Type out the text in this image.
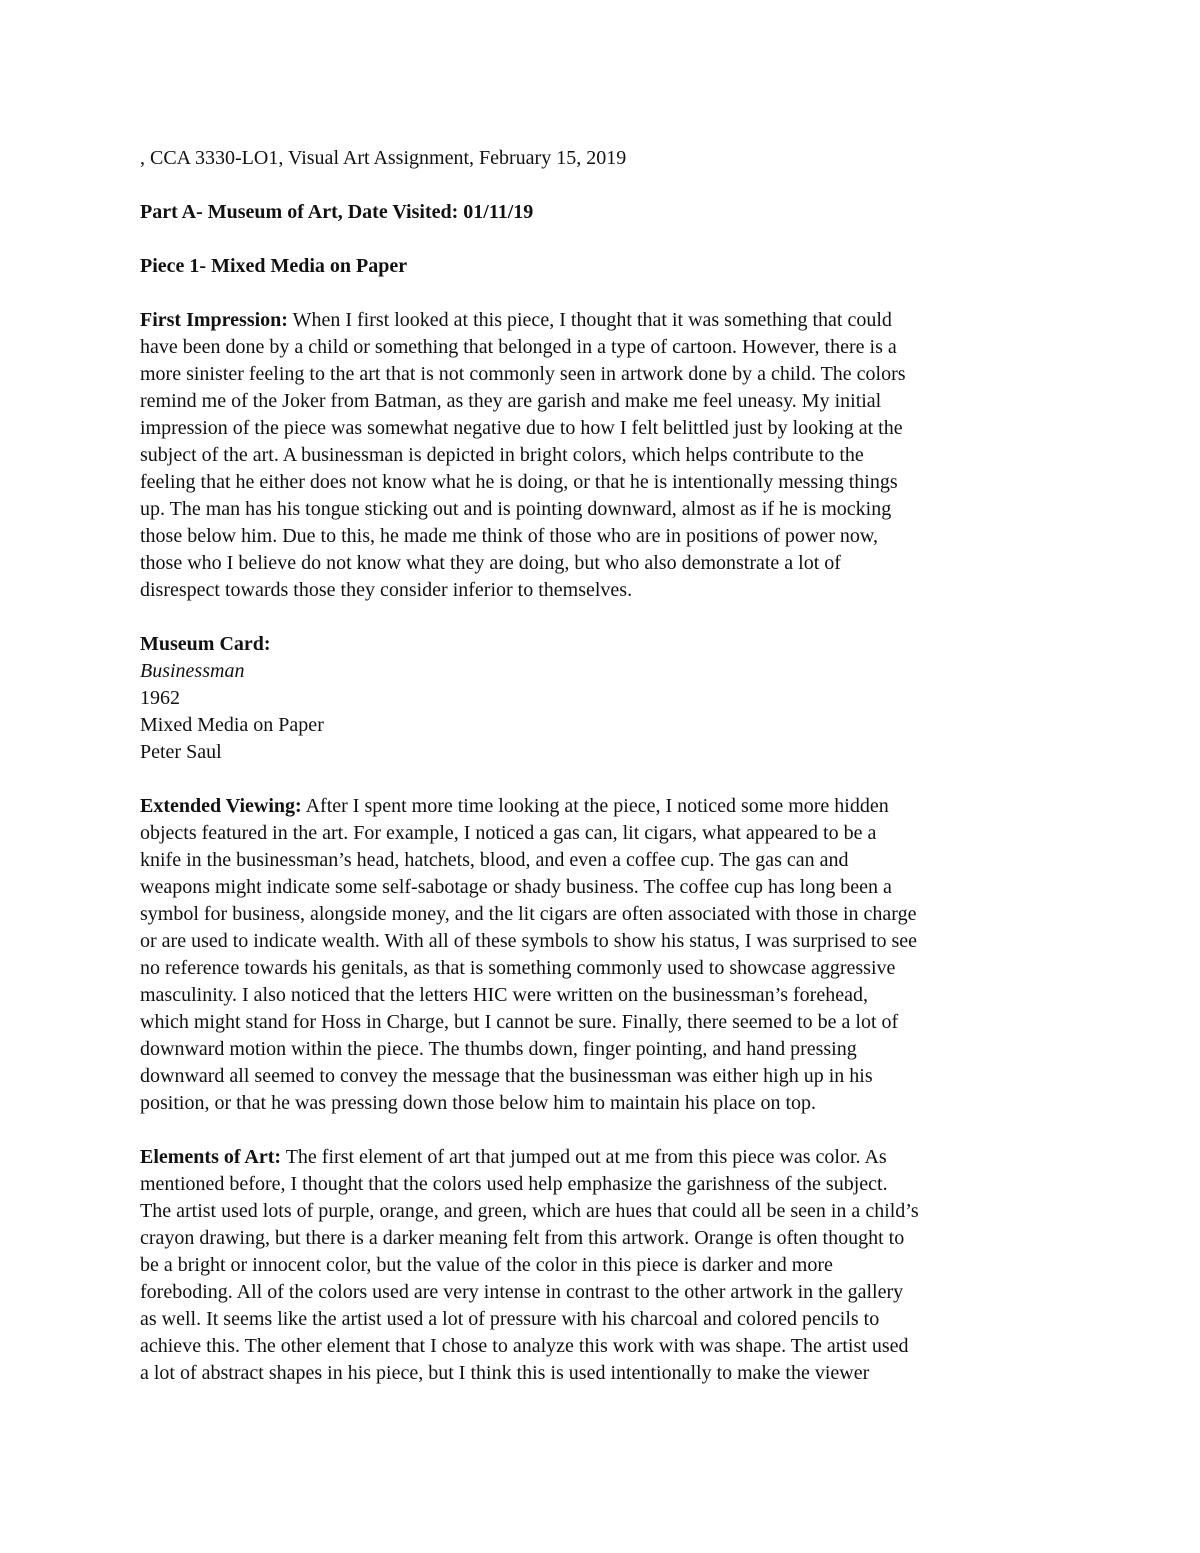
, CCA 3330-LO1, Visual Art Assignment, February 15, 2019
Part A- Museum of Art, Date Visited: 01/11/19
Piece 1- Mixed Media on Paper
First Impression: When I first looked at this piece, I thought that it was something that could
have been done by a child or something that belonged in a type of cartoon. However, there is a
more sinister feeling to the art that is not commonly seen in artwork done by a child. The colors
remind me of the Joker from Batman, as they are garish and make me feel uneasy. My initial
impression of the piece was somewhat negative due to how I felt belittled just by looking at the
subject of the art. A businessman is depicted in bright colors, which helps contribute to the
feeling that he either does not know what he is doing, or that he is intentionally messing things
up. The man has his tongue sticking out and is pointing downward, almost as if he is mocking
those below him. Due to this, he made me think of those who are in positions of power now,
those who I believe do not know what they are doing, but who also demonstrate a lot of
disrespect towards those they consider inferior to themselves.
Museum Card:
Businessman
1962
Mixed Media on Paper
Peter Saul
Extended Viewing: After I spent more time looking at the piece, I noticed some more hidden
objects featured in the art. For example, I noticed a gas can, lit cigars, what appeared to be a
knife in the businessman’s head, hatchets, blood, and even a coffee cup. The gas can and
weapons might indicate some self-sabotage or shady business. The coffee cup has long been a
symbol for business, alongside money, and the lit cigars are often associated with those in charge
or are used to indicate wealth. With all of these symbols to show his status, I was surprised to see
no reference towards his genitals, as that is something commonly used to showcase aggressive
masculinity. I also noticed that the letters HIC were written on the businessman’s forehead,
which might stand for Hoss in Charge, but I cannot be sure. Finally, there seemed to be a lot of
downward motion within the piece. The thumbs down, finger pointing, and hand pressing
downward all seemed to convey the message that the businessman was either high up in his
position, or that he was pressing down those below him to maintain his place on top.
Elements of Art: The first element of art that jumped out at me from this piece was color. As
mentioned before, I thought that the colors used help emphasize the garishness of the subject.
The artist used lots of purple, orange, and green, which are hues that could all be seen in a child’s
crayon drawing, but there is a darker meaning felt from this artwork. Orange is often thought to
be a bright or innocent color, but the value of the color in this piece is darker and more
foreboding. All of the colors used are very intense in contrast to the other artwork in the gallery
as well. It seems like the artist used a lot of pressure with his charcoal and colored pencils to
achieve this. The other element that I chose to analyze this work with was shape. The artist used
a lot of abstract shapes in his piece, but I think this is used intentionally to make the viewer
